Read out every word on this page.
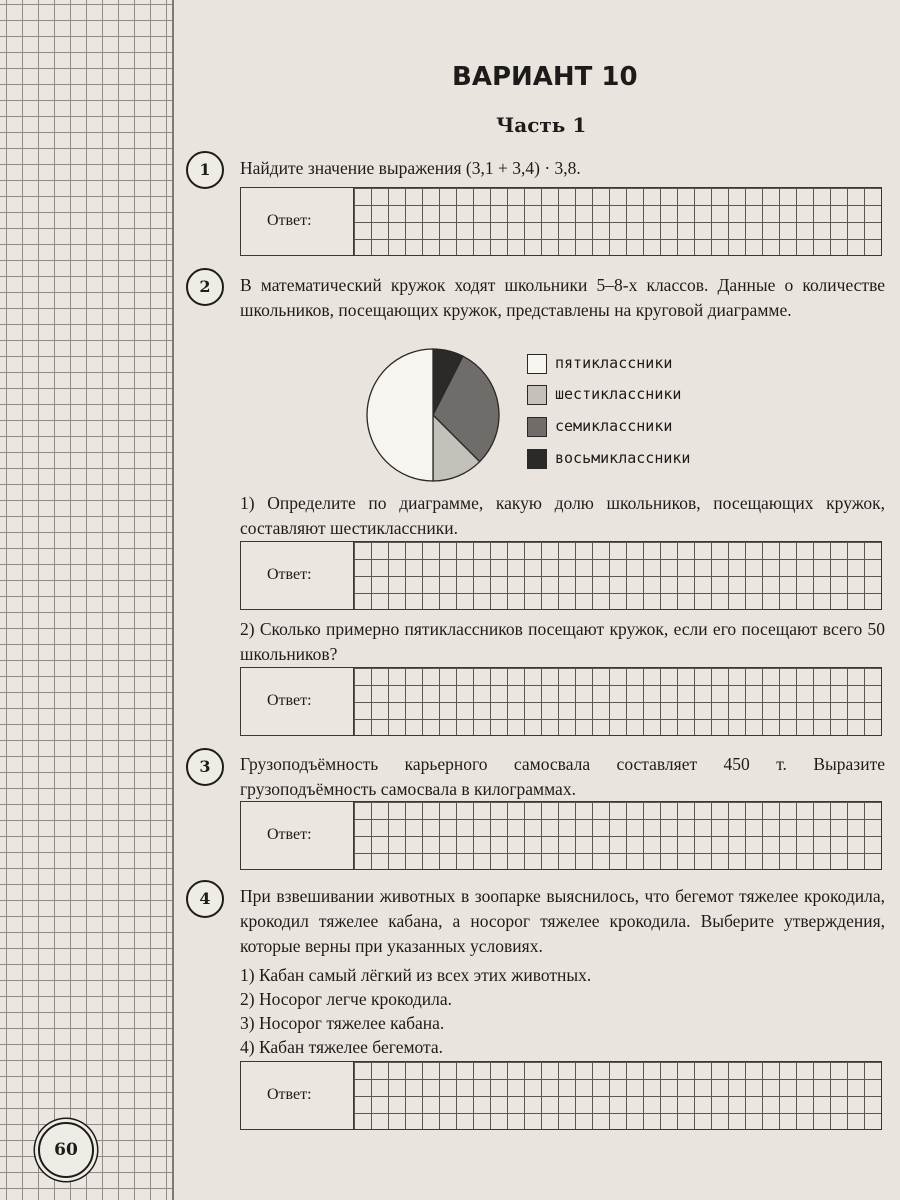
ВАРИАНТ 10
Часть 1
1	Найдите значение выражения (3,1 + 3,4) · 3,8.
Ответ:
2	В математический кружок ходят школьники 5–8-х классов. Данные о количестве школьников, посещающих кружок, представлены на круговой диаграмме.
пятиклассники
шестиклассники
семиклассники
восьмиклассники
1) Определите по диаграмме, какую долю школьников, посещающих кружок, составляют шестиклассники.
Ответ:
2) Сколько примерно пятиклассников посещают кружок, если его посещают всего 50 школьников?
Ответ:
3	Грузоподъёмность карьерного самосвала составляет 450 т. Выразите грузоподъёмность самосвала в килограммах.
Ответ:
4	При взвешивании животных в зоопарке выяснилось, что бегемот тяжелее крокодила, крокодил тяжелее кабана, а носорог тяжелее крокодила. Выберите утверждения, которые верны при указанных условиях.
1) Кабан самый лёгкий из всех этих животных.
2) Носорог легче крокодила.
3) Носорог тяжелее кабана.
4) Кабан тяжелее бегемота.
Ответ:
60
